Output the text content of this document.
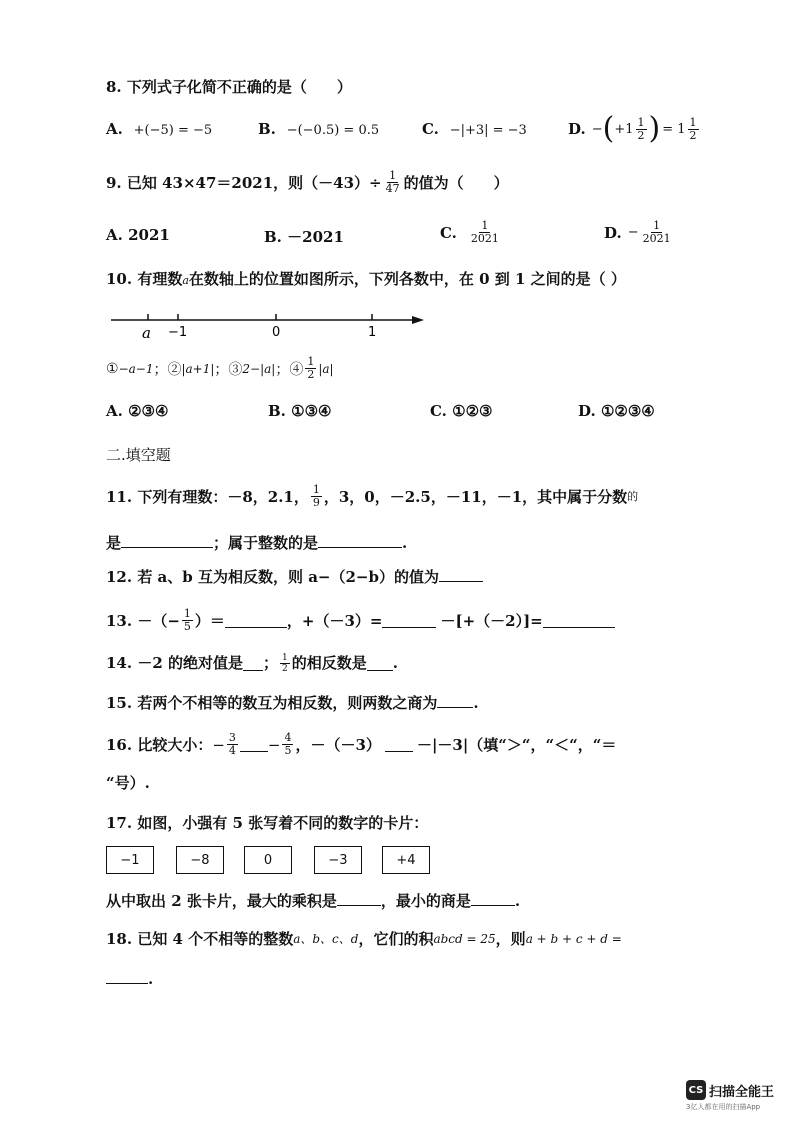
8. 下列式子化简不正确的是（　　）
A. +(−5) = −5	B. −(−0.5) = 0.5	C. −|+3| = −3	D. − ( $+1 \frac{1}{2}$ ) = $1 \frac{1}{2}$
9. 已知 43×47＝2021，则$(-43)\div \frac{1}{47}$ 的值为（　　）
A. 2021	B. －2021	C. $\frac{1}{2021}$	D. − $\frac{1}{2021}$
10. 有理数a在数轴上的位置如图所示，下列各数中，在 0 到 1 之间的是（ ）
a −1	0	1
① −a−1 ；② |a+1| ；③ 2−|a| ；④ $\frac{1}{2} |a|$
A. ②③④	B. ①③④	C. ①②③	D. ①②③④
二.填空题
11. 下列有理数：－8，2.1， $\frac{1}{9}$ ，3，0，－2.5，－11，－1，其中属于分数 的
是	；属于整数的是	.
12. 若 a、b 互为相反数，则 a−（2−b）的值为
13. －（− $\frac{1}{5}$ ）＝	，+（－3）=	－[+（－2）]=
14. －2 的绝对值是 ； $\frac{1}{2}$ 的相反数是 .
15. 若两个不相等的数互为相反数，则两数之商为 .
16. 比较大小： − $\frac{3}{4} - \frac{4}{5}$ ，－（－3） －|－3|（填“＞“，“＜“，“＝
“号）.
17. 如图，小强有 5 张写着不同的数字的卡片：
−1	−8	0	−3	+4
从中取出 2 张卡片，最大的乘积是	，最小的商是	.
18. 已知 4 个不相等的整数 a、b、c、d ，它们的积 abcd = 25 ，则 a + b + c + d =
.
CS 扫描全能王
3亿人都在用的扫描App
